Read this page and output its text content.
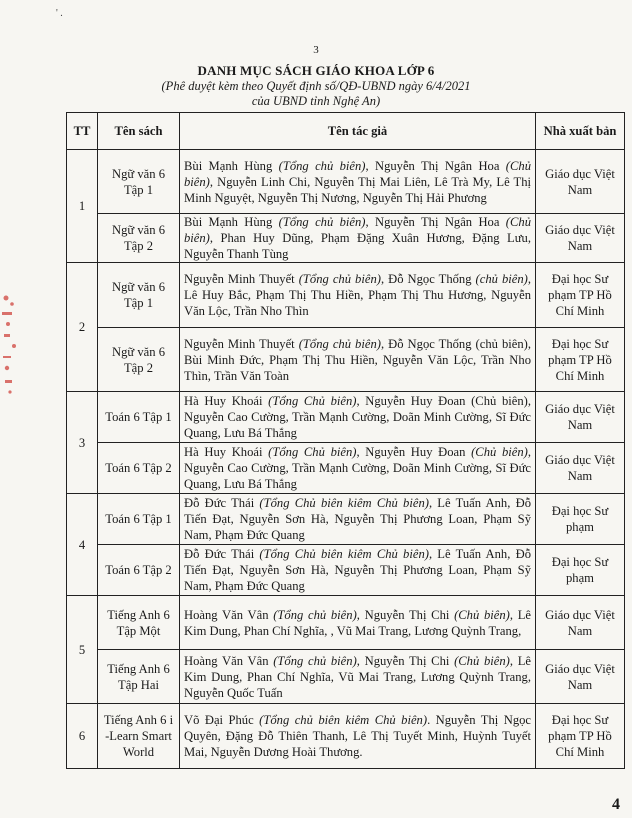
' .
3
DANH MỤC SÁCH GIÁO KHOA LỚP 6
(Phê duyệt kèm theo Quyết định số/QĐ-UBND ngày 6/4/2021
của UBND tỉnh Nghệ An)
TT	Tên sách	Tên tác giả	Nhà xuất bản
1	Ngữ văn 6 Tập 1	Bùi Mạnh Hùng (Tổng chủ biên), Nguyễn Thị Ngân Hoa (Chủ biên), Nguyễn Linh Chi, Nguyễn Thị Mai Liên, Lê Trà My, Lê Thị Minh Nguyệt, Nguyễn Thị Nương, Nguyễn Thị Hải Phương	Giáo dục Việt Nam
	Ngữ văn 6 Tập 2	Bùi Mạnh Hùng (Tổng chủ biên), Nguyễn Thị Ngân Hoa (Chủ biên), Phan Huy Dũng, Phạm Đặng Xuân Hương, Đặng Lưu, Nguyễn Thanh Tùng	Giáo dục Việt Nam
2	Ngữ văn 6 Tập 1	Nguyễn Minh Thuyết (Tổng chủ biên), Đỗ Ngọc Thống (chủ biên), Lê Huy Bắc, Phạm Thị Thu Hiền, Phạm Thị Thu Hương, Nguyễn Văn Lộc, Trần Nho Thìn	Đại học Sư phạm TP Hồ Chí Minh
	Ngữ văn 6 Tập 2	Nguyễn Minh Thuyết (Tổng chủ biên), Đỗ Ngọc Thống (chủ biên), Bùi Minh Đức, Phạm Thị Thu Hiền, Nguyễn Văn Lộc, Trần Nho Thìn, Trần Văn Toàn	Đại học Sư phạm TP Hồ Chí Minh
3	Toán 6 Tập 1	Hà Huy Khoái (Tổng Chủ biên), Nguyễn Huy Đoan (Chủ biên), Nguyễn Cao Cường, Trần Mạnh Cường, Doãn Minh Cường, Sĩ Đức Quang, Lưu Bá Thắng	Giáo dục Việt Nam
	Toán 6 Tập 2	Hà Huy Khoái (Tổng Chủ biên), Nguyễn Huy Đoan (Chủ biên), Nguyễn Cao Cường, Trần Mạnh Cường, Doãn Minh Cường, Sĩ Đức Quang, Lưu Bá Thắng	Giáo dục Việt Nam
4	Toán 6 Tập 1	Đỗ Đức Thái (Tổng Chủ biên kiêm Chủ biên), Lê Tuấn Anh, Đỗ Tiến Đạt, Nguyễn Sơn Hà, Nguyễn Thị Phương Loan, Phạm Sỹ Nam, Phạm Đức Quang	Đại học Sư phạm
	Toán 6 Tập 2	Đỗ Đức Thái (Tổng Chủ biên kiêm Chủ biên), Lê Tuấn Anh, Đỗ Tiến Đạt, Nguyễn Sơn Hà, Nguyễn Thị Phương Loan, Phạm Sỹ Nam, Phạm Đức Quang	Đại học Sư phạm
5	Tiếng Anh 6 Tập Một	Hoàng Văn Vân (Tổng chủ biên), Nguyễn Thị Chi (Chủ biên), Lê Kim Dung, Phan Chí Nghĩa, , Vũ Mai Trang, Lương Quỳnh Trang,	Giáo dục Việt Nam
	Tiếng Anh 6 Tập Hai	Hoàng Văn Vân (Tổng chủ biên), Nguyễn Thị Chi (Chủ biên), Lê Kim Dung, Phan Chí Nghĩa, Vũ Mai Trang, Lương Quỳnh Trang, Nguyễn Quốc Tuấn	Giáo dục Việt Nam
6	Tiếng Anh 6 i -Learn Smart World	Võ Đại Phúc (Tổng chủ biên kiêm Chủ biên). Nguyễn Thị Ngọc Quyên, Đặng Đỗ Thiên Thanh, Lê Thị Tuyết Minh, Huỳnh Tuyết Mai, Nguyễn Dương Hoài Thương.	Đại học Sư phạm TP Hồ Chí Minh
4
